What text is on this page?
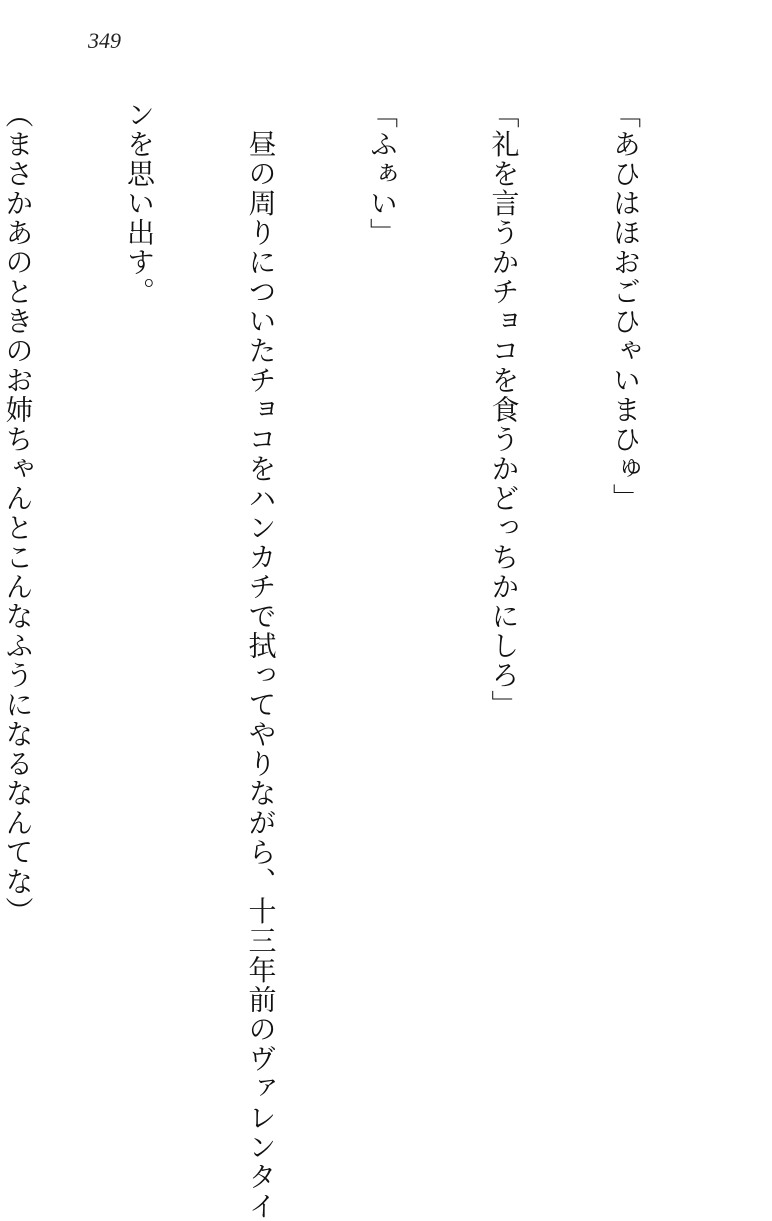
349

「あひはほおごひゃいまひゅ」

「礼を言うかチョコを食うかどっちかにしろ」

「ふぁい」

　昼の周りについたチョコをハンカチで拭ってやりながら、十三年前のヴァレンタイ

ンを思い出す。

（まさかあのときのお姉ちゃんとこんなふうになるなんてな）
